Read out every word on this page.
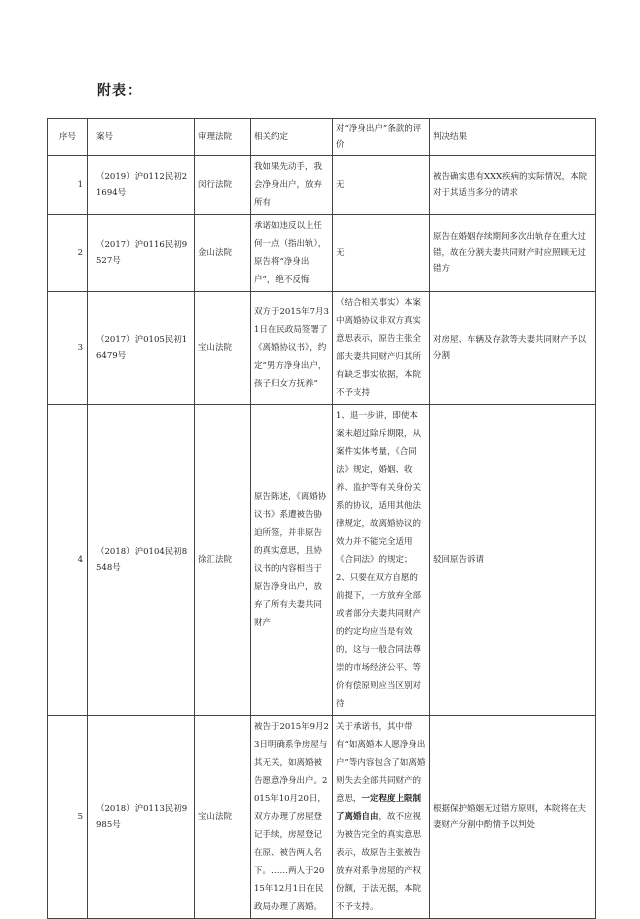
附表：
序号	案号	审理法院	相关约定	对“净身出户”条款的评价	判决结果
1	（2019）沪0112民初21694号	闵行法院	我如果先动手，我会净身出户，放弃所有	无	被告确实患有XXX疾病的实际情况，本院对于其适当多分的请求
2	（2017）沪0116民初9527号	金山法院	承诺如违反以上任何一点（指出轨），原告将“净身出户”，绝不反悔	无	原告在婚姻存续期间多次出轨存在重大过错，故在分割夫妻共同财产时应照顾无过错方
3	（2017）沪0105民初16479号	宝山法院	双方于2015年7月31日在民政局签署了《离婚协议书》，约定“男方净身出户，孩子归女方抚养”	（结合相关事实）本案中离婚协议非双方真实意思表示，原告主张全部夫妻共同财产归其所有缺乏事实依据，本院不予支持	对房屋、车辆及存款等夫妻共同财产予以分割
4	（2018）沪0104民初8548号	徐汇法院	原告陈述，《离婚协议书》系遭被告胁迫所签，并非原告的真实意思，且协议书的内容相当于原告净身出户，放弃了所有夫妻共同财产	1、退一步讲，即使本案未超过除斥期限，从案件实体考量，《合同法》规定，婚姻、收养、监护等有关身份关系的协议，适用其他法律规定，故离婚协议的效力并不能完全适用《合同法》的规定；2、只要在双方自愿的前提下，一方放弃全部或者部分夫妻共同财产的约定均应当是有效的，这与一般合同法尊崇的市场经济公平、等价有偿原则应当区别对待	驳回原告诉请
5	（2018）沪0113民初9985号	宝山法院	被告于2015年9月23日明确系争房屋与其无关，如离婚被告愿意净身出户。2015年10月20日，双方办理了房屋登记手续，房屋登记在原、被告两人名下。……两人于2015年12月1日在民政局办理了离婚。	关于承诺书，其中带有“如离婚本人愿净身出户”等内容包含了如离婚则失去全部共同财产的意思，一定程度上限制了离婚自由，故不应视为被告完全的真实意思表示，故原告主张被告放弃对系争房屋的产权份额，于法无据，本院不予支持。	根据保护婚姻无过错方原则，本院将在夫妻财产分割中酌情予以判处
